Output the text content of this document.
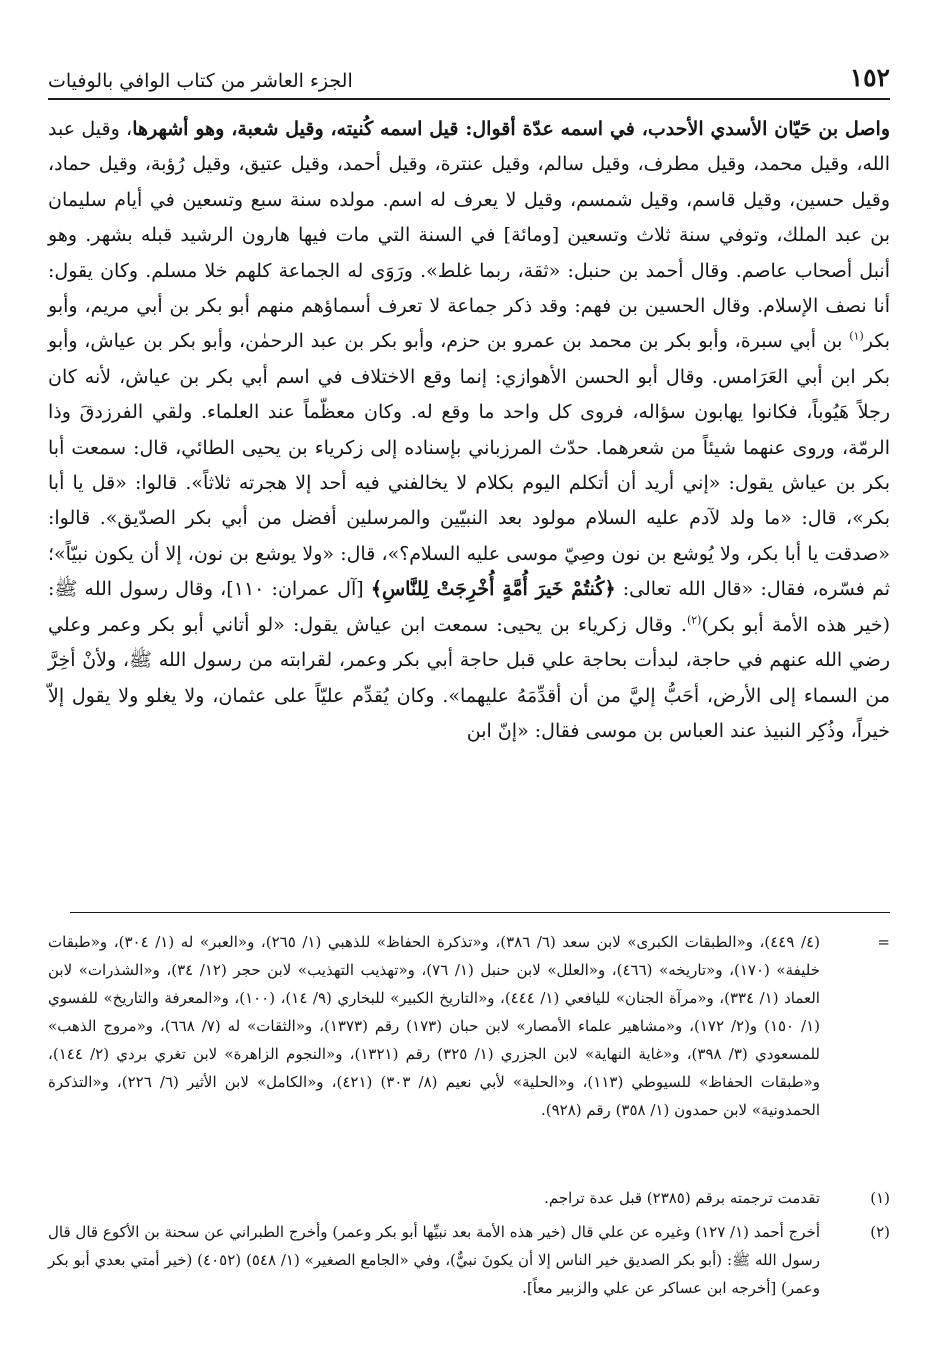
١٥٢
الجزء العاشر من كتاب الوافي بالوفيات
واصل بن حَيّان الأسدي الأحدب، في اسمه عدّة أقوال: قيل اسمه كُنيته، وقيل شعبة، وهو أشهرها، وقيل عبد الله، وقيل محمد، وقيل مطرف، وقيل سالم، وقيل عنترة، وقيل أحمد، وقيل عتيق، وقيل رُؤبة، وقيل حماد، وقيل حسين، وقيل قاسم، وقيل شمسم، وقيل لا يعرف له اسم. مولده سنة سبع وتسعين في أيام سليمان بن عبد الملك، وتوفي سنة ثلاث وتسعين [ومائة] في السنة التي مات فيها هارون الرشيد قبله بشهر. وهو أنبل أصحاب عاصم. وقال أحمد بن حنبل: «ثقة، ربما غلط». ورَوَى له الجماعة كلهم خلا مسلم. وكان يقول: أنا نصف الإسلام. وقال الحسين بن فهم: وقد ذكر جماعة لا تعرف أسماؤهم منهم أبو بكر بن أبي مريم، وأبو بكر$^{(١)}$ بن أبي سبرة، وأبو بكر بن محمد بن عمرو بن حزم، وأبو بكر بن عبد الرحمٰن، وأبو بكر بن عياش، وأبو بكر ابن أبي العَرَامس. وقال أبو الحسن الأهوازي: إنما وقع الاختلاف في اسم أبي بكر بن عياش، لأنه كان رجلاً هَيُوباً، فكانوا يهابون سؤاله، فروى كل واحد ما وقع له. وكان معظّماً عند العلماء. ولقي الفرزدقَ وذا الرمّة، وروى عنهما شيئاً من شعرهما. حدّث المرزباني بإسناده إلى زكرياء بن يحيى الطائي، قال: سمعت أبا بكر بن عياش يقول: «إني أريد أن أتكلم اليوم بكلام لا يخالفني فيه أحد إلا هجرته ثلاثاً». قالوا: «قل يا أبا بكر»، قال: «ما ولد لآدم عليه السلام مولود بعد النبيّين والمرسلين أفضل من أبي بكر الصدّيق». قالوا: «صدقت يا أبا بكر، ولا يُوشع بن نون وصِيّ موسى عليه السلام؟»، قال: «ولا يوشع بن نون، إلا أن يكون نبيّاً»؛ ثم فسّره، فقال: «قال الله تعالى: ﴿كُنتُمْ خَيرَ أُمَّةٍ أُخْرِجَتْ لِلنَّاسِ﴾ [آل عمران: ١١٠]، وقال رسول الله ﷺ: (خير هذه الأمة أبو بكر)$^{(٢)}$. وقال زكرياء بن يحيى: سمعت ابن عياش يقول: «لو أتاني أبو بكر وعمر وعلي رضي الله عنهم في حاجة، لبدأت بحاجة علي قبل حاجة أبي بكر وعمر، لقرابته من رسول الله ﷺ، ولأنْ أخِرَّ من السماء إلى الأرض، أحَبُّ إليَّ من أن أقدِّمَهُ عليهما». وكان يُقدِّم عليّاً على عثمان، ولا يغلو ولا يقول إلاّ خيراً، وذُكِر النبيذ عند العباس بن موسى فقال: «إنّ ابن
=
(٤/ ٤٤٩)، و«الطبقات الكبرى» لابن سعد (٦/ ٣٨٦)، و«تذكرة الحفاظ» للذهبي (١/ ٢٦٥)، و«العبر» له (١/ ٣٠٤)، و«طبقات خليفة» (١٧٠)، و«تاريخه» (٤٦٦)، و«العلل» لابن حنبل (١/ ٧٦)، و«تهذيب التهذيب» لابن حجر (١٢/ ٣٤)، و«الشذرات» لابن العماد (١/ ٣٣٤)، و«مرآة الجنان» لليافعي (١/ ٤٤٤)، و«التاريخ الكبير» للبخاري (٩/ ١٤)، (١٠٠)، و«المعرفة والتاريخ» للفسوي (١/ ١٥٠) و(٢/ ١٧٢)، و«مشاهير علماء الأمصار» لابن حبان (١٧٣) رقم (١٣٧٣)، و«الثقات» له (٧/ ٦٦٨)، و«مروج الذهب» للمسعودي (٣/ ٣٩٨)، و«غاية النهاية» لابن الجزري (١/ ٣٢٥) رقم (١٣٢١)، و«النجوم الزاهرة» لابن تغري بردي (٢/ ١٤٤)، و«طبقات الحفاظ» للسيوطي (١١٣)، و«الحلية» لأبي نعيم (٨/ ٣٠٣) (٤٢١)، و«الكامل» لابن الأثير (٦/ ٢٢٦)، و«التذكرة الحمدونية» لابن حمدون (١/ ٣٥٨) رقم (٩٢٨).
(١)
تقدمت ترجمته برقم (٢٣٨٥) قبل عدة تراجم.
(٢)
أخرج أحمد (١/ ١٢٧) وغيره عن علي قال (خير هذه الأمة بعد نبيِّها أبو بكر وعمر) وأخرج الطبراني عن سحنة بن الأكوع قال قال رسول الله ﷺ: (أبو بكر الصديق خير الناس إلا أن يكونَ نبيٌّ)، وفي «الجامع الصغير» (١/ ٥٤٨) (٤٠٥٢) (خير أمتي بعدي أبو بكر وعمر) [أخرجه ابن عساكر عن علي والزبير معاً].
